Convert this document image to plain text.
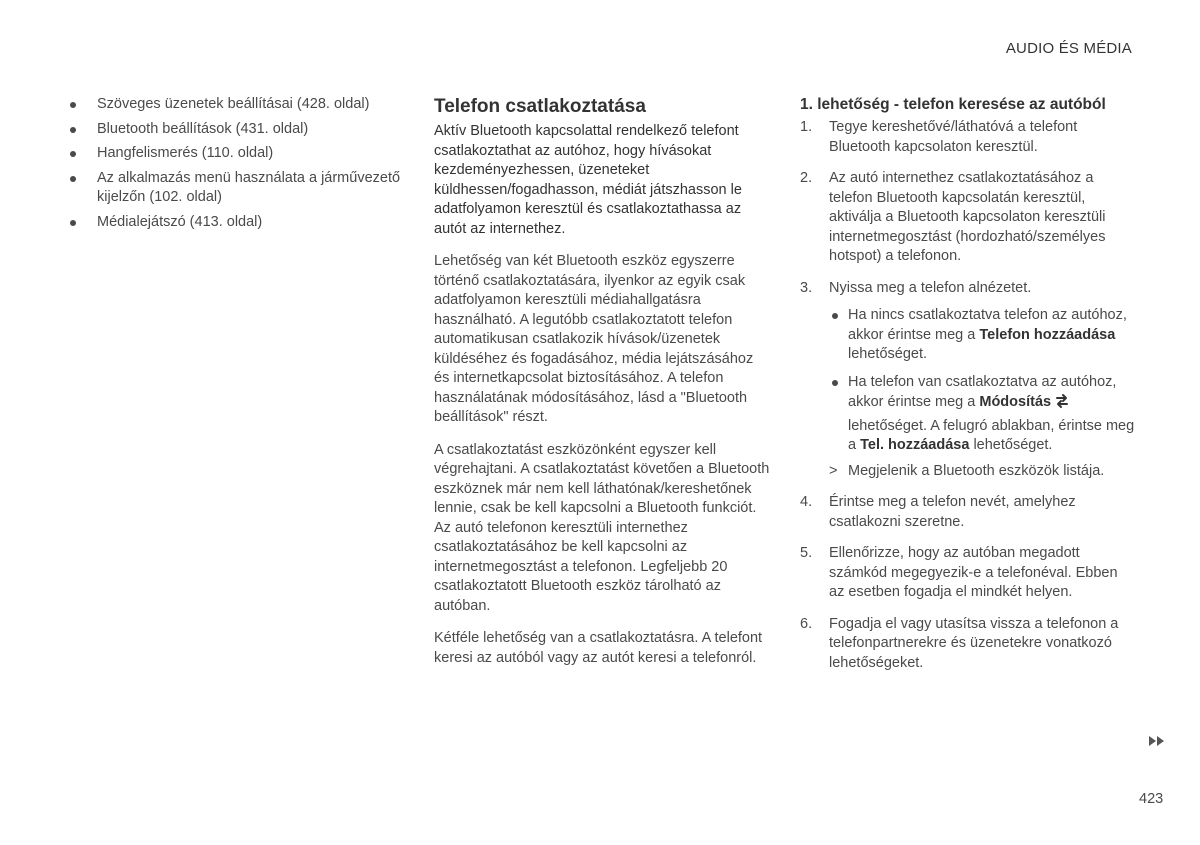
AUDIO ÉS MÉDIA
Szöveges üzenetek beállításai (428. oldal)
Bluetooth beállítások (431. oldal)
Hangfelismerés (110. oldal)
Az alkalmazás menü használata a járművezető kijelzőn (102. oldal)
Médialejátszó (413. oldal)
Telefon csatlakoztatása
Aktív Bluetooth kapcsolattal rendelkező telefont csatlakoztathat az autóhoz, hogy hívásokat kezdeményezhessen, üzeneteket küldhessen/fogadhasson, médiát játszhasson le adatfolyamon keresztül és csatlakoztathassa az autót az internethez.

Lehetőség van két Bluetooth eszköz egyszerre történő csatlakoztatására, ilyenkor az egyik csak adatfolyamon keresztüli médiahallgatásra használható. A legutóbb csatlakoztatott telefon automatikusan csatlakozik hívások/üzenetek küldéséhez és fogadásához, média lejátszásához és internetkapcsolat biztosításához. A telefon használatának módosításához, lásd a "Bluetooth beállítások" részt.

A csatlakoztatást eszközönként egyszer kell végrehajtani. A csatlakoztatást követően a Bluetooth eszköznek már nem kell láthatónak/kereshetőnek lennie, csak be kell kapcsolni a Bluetooth funkciót. Az autó telefonon keresztüli internethez csatlakoztatásához be kell kapcsolni az internetmegosztást a telefonon. Legfeljebb 20 csatlakoztatott Bluetooth eszköz tárolható az autóban.

Kétféle lehetőség van a csatlakoztatásra. A telefont keresi az autóból vagy az autót keresi a telefonról.

1. lehetőség - telefon keresése az autóból
1. Tegye kereshetővé/láthatóvá a telefont Bluetooth kapcsolaton keresztül.
2. Az autó internethez csatlakoztatásához a telefon Bluetooth kapcsolatán keresztül, aktiválja a Bluetooth kapcsolaton keresztüli internetmegosztást (hordozható/személyes hotspot) a telefonon.
3. Nyissa meg a telefon alnézetet.
Ha nincs csatlakoztatva telefon az autóhoz, akkor érintse meg a Telefon hozzáadása lehetőséget.
Ha telefon van csatlakoztatva az autóhoz, akkor érintse meg a Módosításlehetőséget. A felugró ablakban, érintse meg a Tel. hozzáadása lehetőséget.
> Megjelenik a Bluetooth eszközök listája.
4. Érintse meg a telefon nevét, amelyhez csatlakozni szeretne.
5. Ellenőrizze, hogy az autóban megadott számkód megegyezik-e a telefonéval. Ebben az esetben fogadja el mindkét helyen.
6. Fogadja el vagy utasítsa vissza a telefonon a telefonpartnerekre és üzenetekre vonatkozó lehetőségeket.
423
